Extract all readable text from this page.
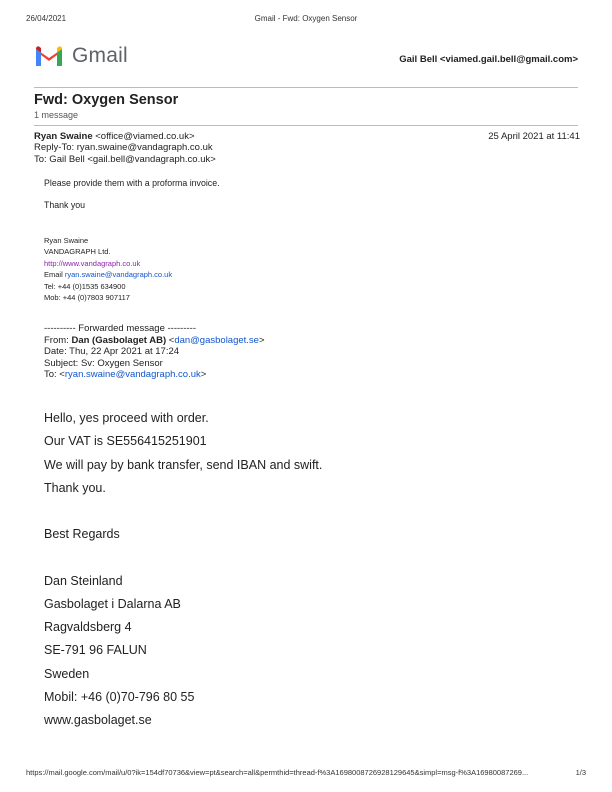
26/04/2021	Gmail - Fwd: Oxygen Sensor
Gmail	Gail Bell <viamed.gail.bell@gmail.com>
Fwd: Oxygen Sensor
1 message
Ryan Swaine <office@viamed.co.uk>	25 April 2021 at 11:41
Reply-To: ryan.swaine@vandagraph.co.uk
To: Gail Bell <gail.bell@vandagraph.co.uk>
Please provide them with a proforma invoice.
Thank you
Ryan Swaine
VANDAGRAPH Ltd.
http://www.vandagraph.co.uk
Email ryan.swaine@vandagraph.co.uk
Tel: +44 (0)1535 634900
Mob: +44 (0)7803 907117
---------- Forwarded message ---------
From: Dan (Gasbolaget AB) <dan@gasbolaget.se>
Date: Thu, 22 Apr 2021 at 17:24
Subject: Sv: Oxygen Sensor
To: <ryan.swaine@vandagraph.co.uk>
Hello, yes proceed with order.
Our VAT is SE556415251901
We will pay by bank transfer, send IBAN and swift.
Thank you.
Best Regards
Dan Steinland
Gasbolaget i Dalarna AB
Ragvaldsberg 4
SE-791 96 FALUN
Sweden
Mobil: +46 (0)70-796 80 55
www.gasbolaget.se
https://mail.google.com/mail/u/0?ik=154df70736&view=pt&search=all&permthid=thread-f%3A1698008726928129645&simpl=msg-f%3A16980087269...	1/3
